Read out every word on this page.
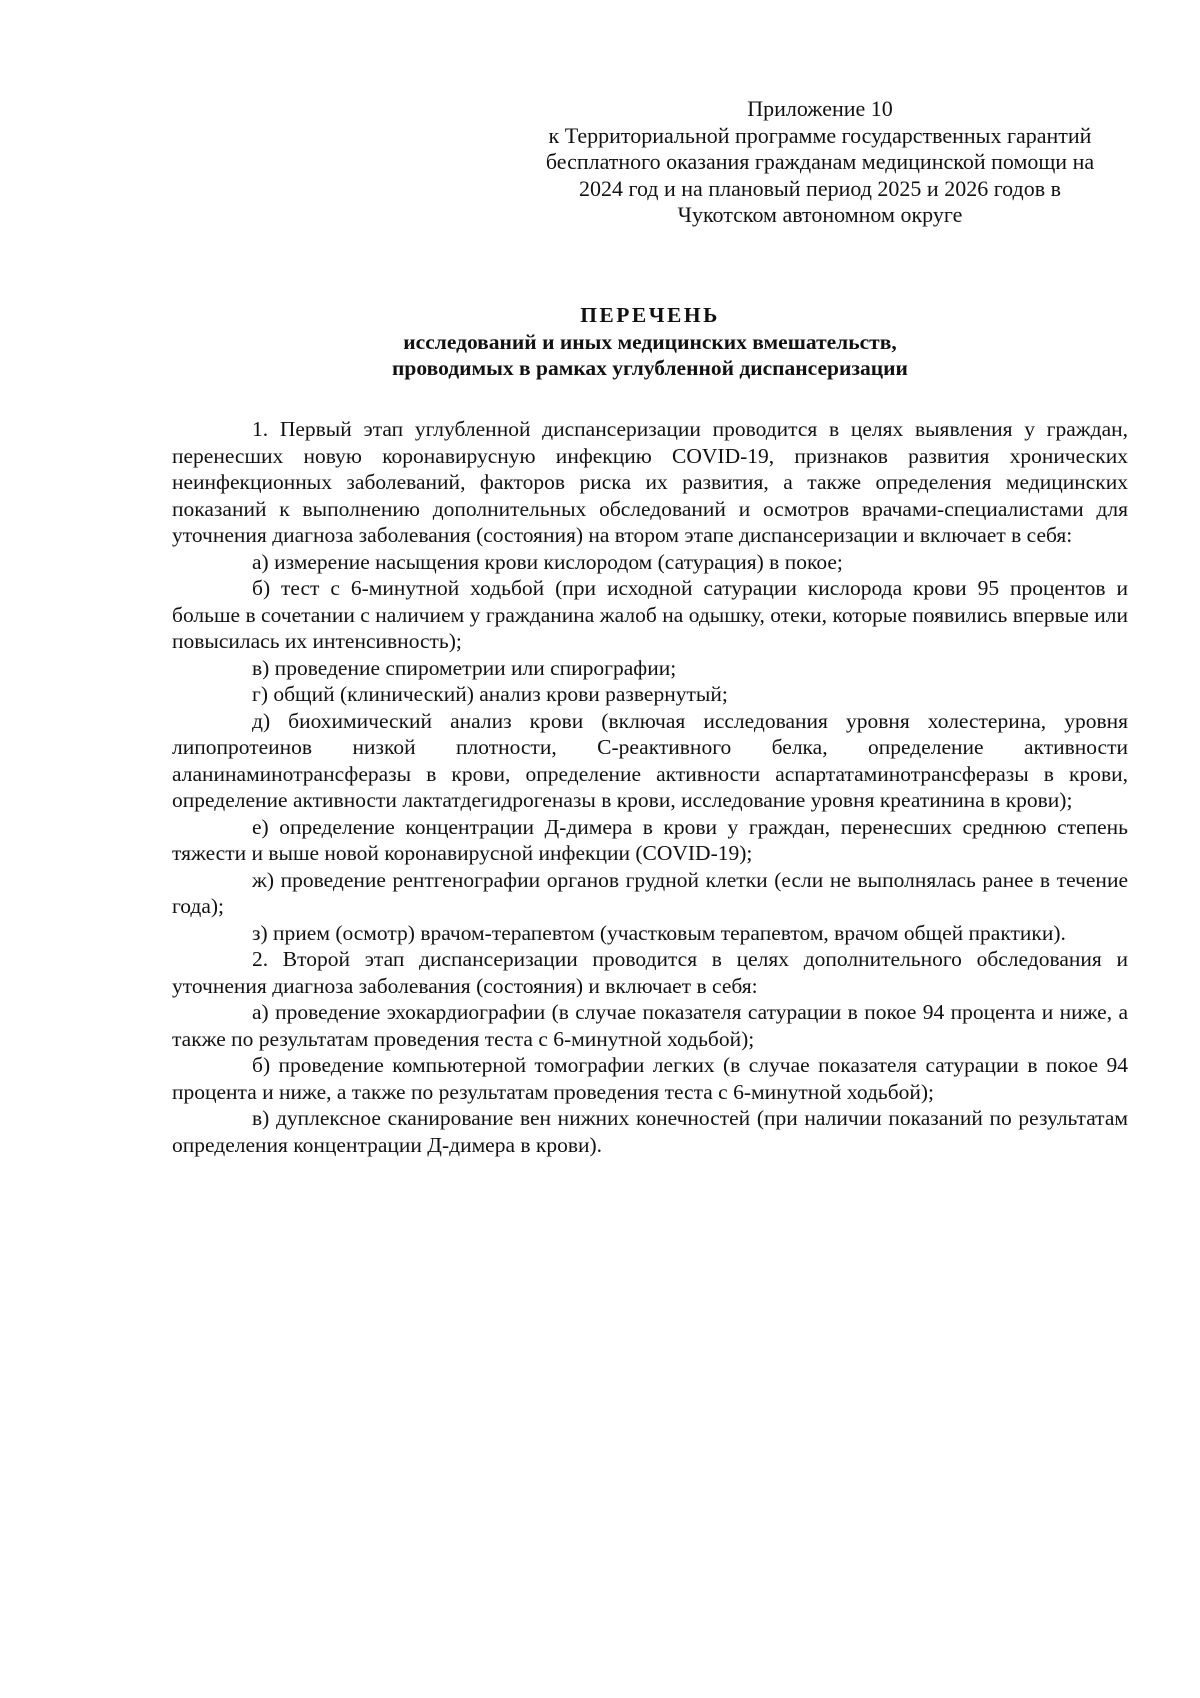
Приложение 10
к Территориальной программе государственных гарантий
бесплатного оказания гражданам медицинской помощи на
2024 год и на плановый период 2025 и 2026 годов в
Чукотском автономном округе
ПЕРЕЧЕНЬ
исследований и иных медицинских вмешательств,
проводимых в рамках углубленной диспансеризации

1. Первый этап углубленной диспансеризации проводится в целях выявления у граждан, перенесших новую коронавирусную инфекцию COVID-19, признаков развития хронических неинфекционных заболеваний, факторов риска их развития, а также определения медицинских показаний к выполнению дополнительных обследований и осмотров врачами-специалистами для уточнения диагноза заболевания (состояния) на втором этапе диспансеризации и включает в себя:

а) измерение насыщения крови кислородом (сатурация) в покое;

б) тест с 6-минутной ходьбой (при исходной сатурации кислорода крови 95 процентов и больше в сочетании с наличием у гражданина жалоб на одышку, отеки, которые появились впервые или повысилась их интенсивность);

в) проведение спирометрии или спирографии;

г) общий (клинический) анализ крови развернутый;

д) биохимический анализ крови (включая исследования уровня холестерина, уровня липопротеинов низкой плотности, С-реактивного белка, определение активности аланинаминотрансферазы в крови, определение активности аспартатаминотрансферазы в крови, определение активности лактатдегидрогеназы в крови, исследование уровня креатинина в крови);

е) определение концентрации Д-димера в крови у граждан, перенесших среднюю степень тяжести и выше новой коронавирусной инфекции (COVID-19);

ж) проведение рентгенографии органов грудной клетки (если не выполнялась ранее в течение года);

з) прием (осмотр) врачом-терапевтом (участковым терапевтом, врачом общей практики).

2. Второй этап диспансеризации проводится в целях дополнительного обследования и уточнения диагноза заболевания (состояния) и включает в себя:

а) проведение эхокардиографии (в случае показателя сатурации в покое 94 процента и ниже, а также по результатам проведения теста с 6-минутной ходьбой);

б) проведение компьютерной томографии легких (в случае показателя сатурации в покое 94 процента и ниже, а также по результатам проведения теста с 6-минутной ходьбой);

в) дуплексное сканирование вен нижних конечностей (при наличии показаний по результатам определения концентрации Д-димера в крови).
